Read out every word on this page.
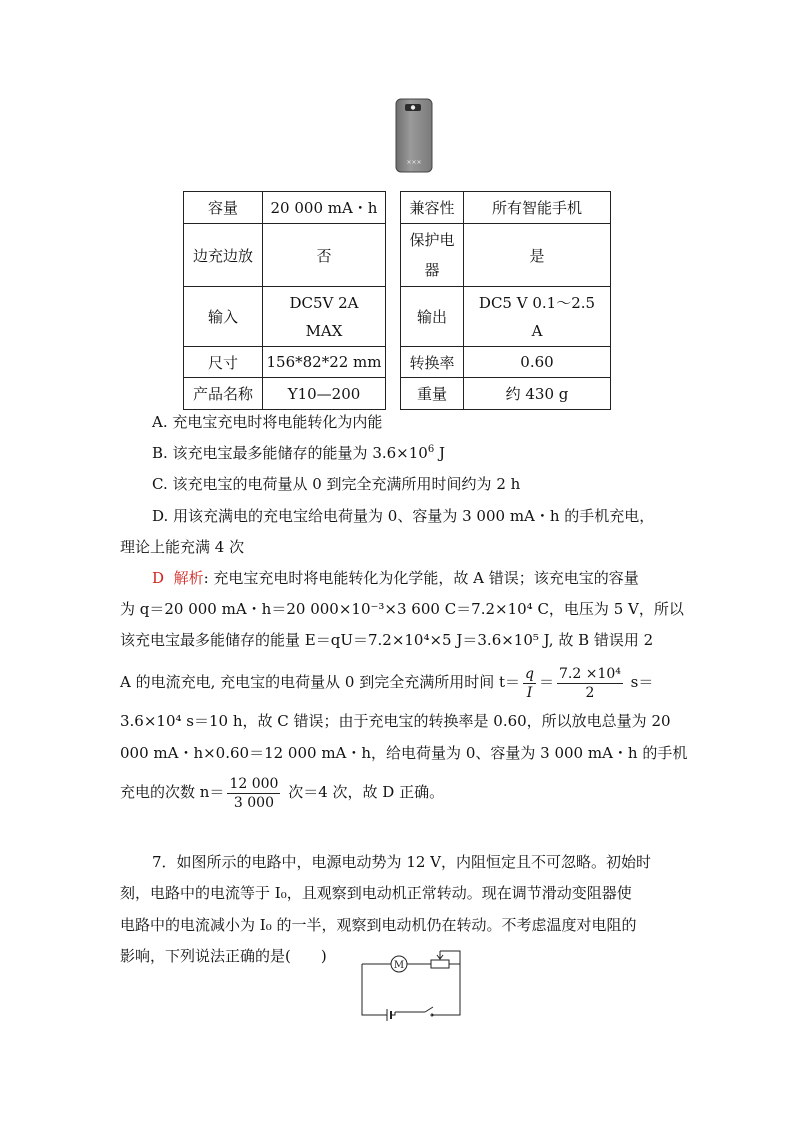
×××
容量	20 000 mA・h		兼容性	所有智能手机
边充边放	否		保护电器	是
输入	DC5V 2A MAX		输出	DC5 V 0.1～2.5 A
尺寸	156*82*22 mm		转换率	0.60
产品名称	Y10—200		重量	约 430 g
A. 充电宝充电时将电能转化为内能
B. 该充电宝最多能储存的能量为 $3.6\times 10^6$ J
C. 该充电宝的电荷量从 0 到完全充满所用时间约为 2 h
D. 用该充满电的充电宝给电荷量为 0、容量为 3 000 mA・h 的手机充电，
理论上能充满 4 次
D 解析: 充电宝充电时将电能转化为化学能，故 A 错误；该充电宝的容量
为 q＝20 000 mA・h＝20 000×10⁻³×3 600 C＝7.2×10⁴ C，电压为 5 V，所以
该充电宝最多能储存的能量 E＝qU＝7.2×10⁴×5 J＝3.6×10⁵ J, 故 B 错误用 2
A 的电流充电, 充电宝的电荷量从 0 到完全充满所用时间 $t= \frac{q}{I} = \frac{\text{7.2 ×10⁴}}{2} s=$
3.6×10⁴ s＝10 h，故 C 错误；由于充电宝的转换率是 0.60，所以放电总量为 20
000 mA・h×0.60＝12 000 mA・h，给电荷量为 0、容量为 3 000 mA・h 的手机
充电的次数 $n= \frac{12 000}{3 000}$ 次＝4 次，故 D 正确。
7．如图所示的电路中，电源电动势为 12 V，内阻恒定且不可忽略。初始时
刻，电路中的电流等于 I₀，且观察到电动机正常转动。现在调节滑动变阻器使
电路中的电流减小为 I₀ 的一半，观察到电动机仍在转动。不考虑温度对电阻的
影响，下列说法正确的是(　　)
M
